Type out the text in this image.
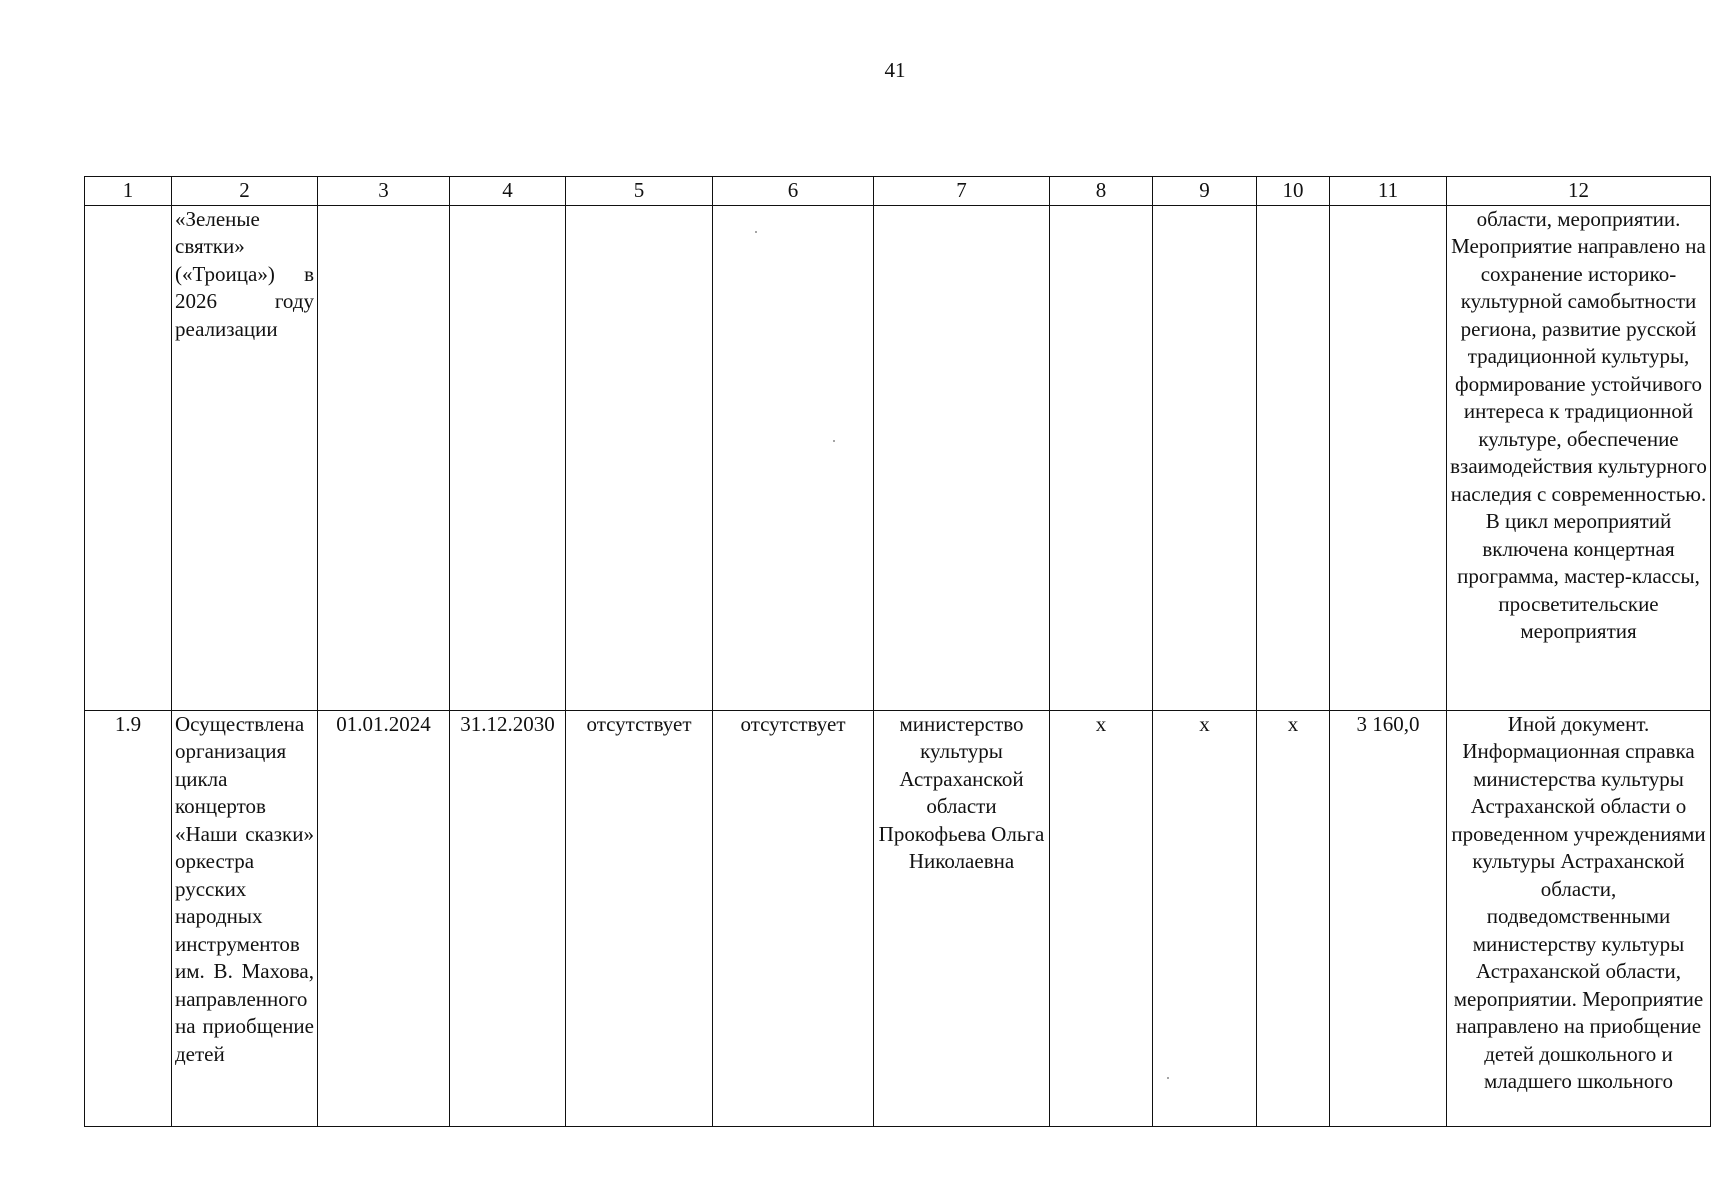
41
1	2	3	4	5	6	7	8	9	10	11	12
	«Зеленые святки» («Троица») в 2026 году реализации										области, мероприятии. Мероприятие направлено на сохранение историко-культурной самобытности региона, развитие русской традиционной культуры, формирование устойчивого интереса к традиционной культуре, обеспечение взаимодействия культурного наследия с современностью. В цикл мероприятий включена концертная программа, мастер-классы, просветительские мероприятия
1.9	Осуществлена организация цикла концертов «Наши сказки» оркестра русских народных инструментов им. В. Махова, направленного на приобщение детей	01.01.2024	31.12.2030	отсутствует	отсутствует	министерство культуры Астраханской области Прокофьева Ольга Николаевна	x	x	x	3 160,0	Иной документ. Информационная справка министерства культуры Астраханской области о проведенном учреждениями культуры Астраханской области, подведомственными министерству культуры Астраханской области, мероприятии. Мероприятие направлено на приобщение детей дошкольного и младшего школьного
